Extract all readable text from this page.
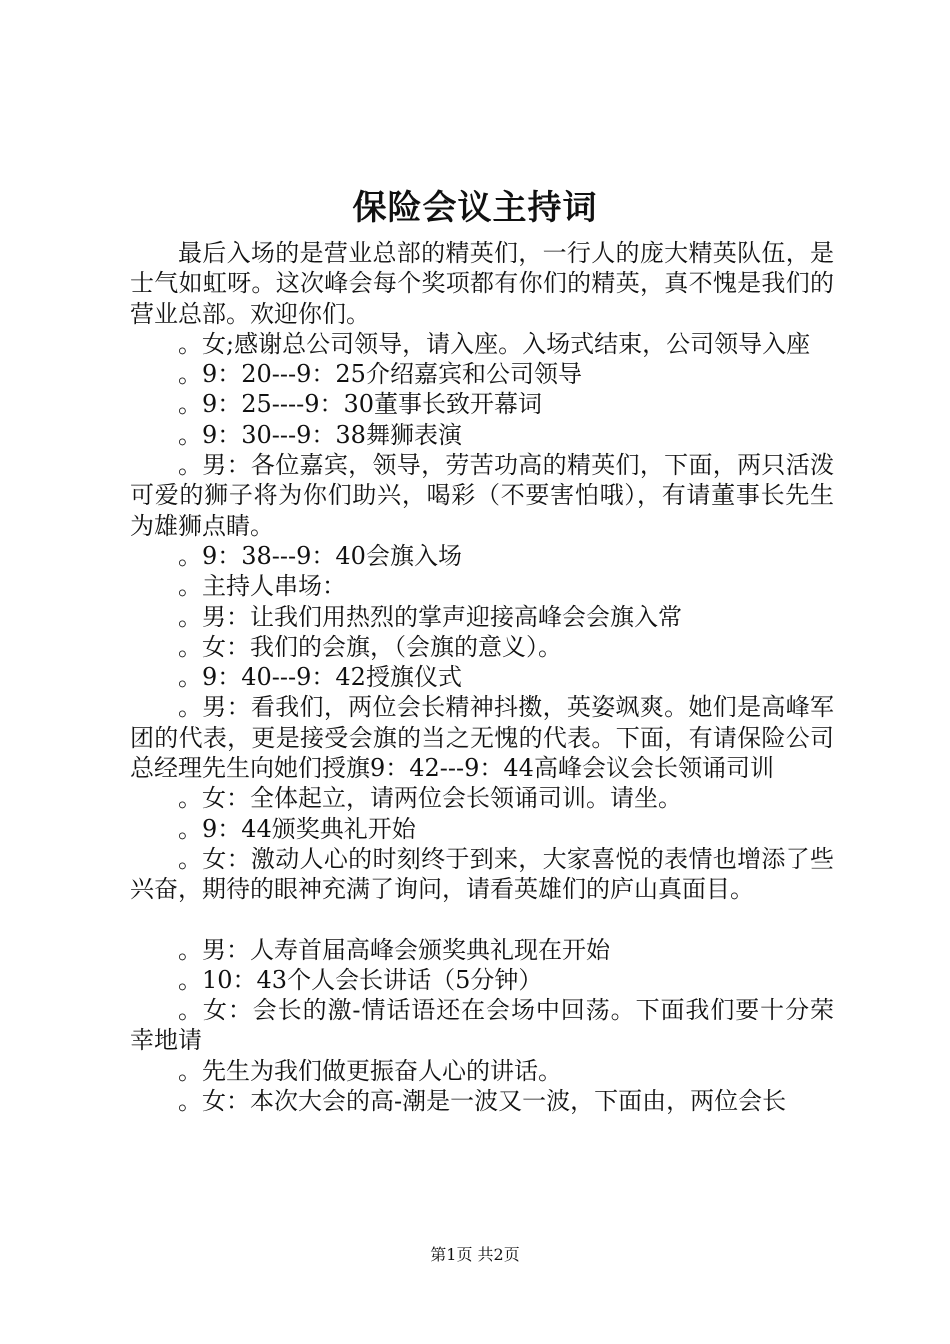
保险会议主持词

最后入场的是营业总部的精英们，一行人的庞大精英队伍，是士气如虹呀。这次峰会每个奖项都有你们的精英，真不愧是我们的营业总部。欢迎你们。

。女;感谢总公司领导，请入座。入场式结束，公司领导入座

。9：20---9：25介绍嘉宾和公司领导

。9：25----9：30董事长致开幕词

。9：30---9：38舞狮表演

。男：各位嘉宾，领导，劳苦功高的精英们，下面，两只活泼可爱的狮子将为你们助兴，喝彩（不要害怕哦），有请董事长先生为雄狮点睛。

。9：38---9：40会旗入场

。主持人串场：

。男：让我们用热烈的掌声迎接高峰会会旗入常

。女：我们的会旗，（会旗的意义）。

。9：40---9：42授旗仪式

。男：看我们，两位会长精神抖擞，英姿飒爽。她们是高峰军团的代表，更是接受会旗的当之无愧的代表。下面，有请保险公司总经理先生向她们授旗9：42---9：44高峰会议会长领诵司训

。女：全体起立，请两位会长领诵司训。请坐。

。9：44颁奖典礼开始

。女：激动人心的时刻终于到来，大家喜悦的表情也增添了些兴奋，期待的眼神充满了询问，请看英雄们的庐山真面目。

。男：人寿首届高峰会颁奖典礼现在开始

。10：43个人会长讲话（5分钟）

。女：会长的激-情话语还在会场中回荡。下面我们要十分荣幸地请

。先生为我们做更振奋人心的讲话。

。女：本次大会的高-潮是一波又一波，下面由，两位会长

第1页 共2页
